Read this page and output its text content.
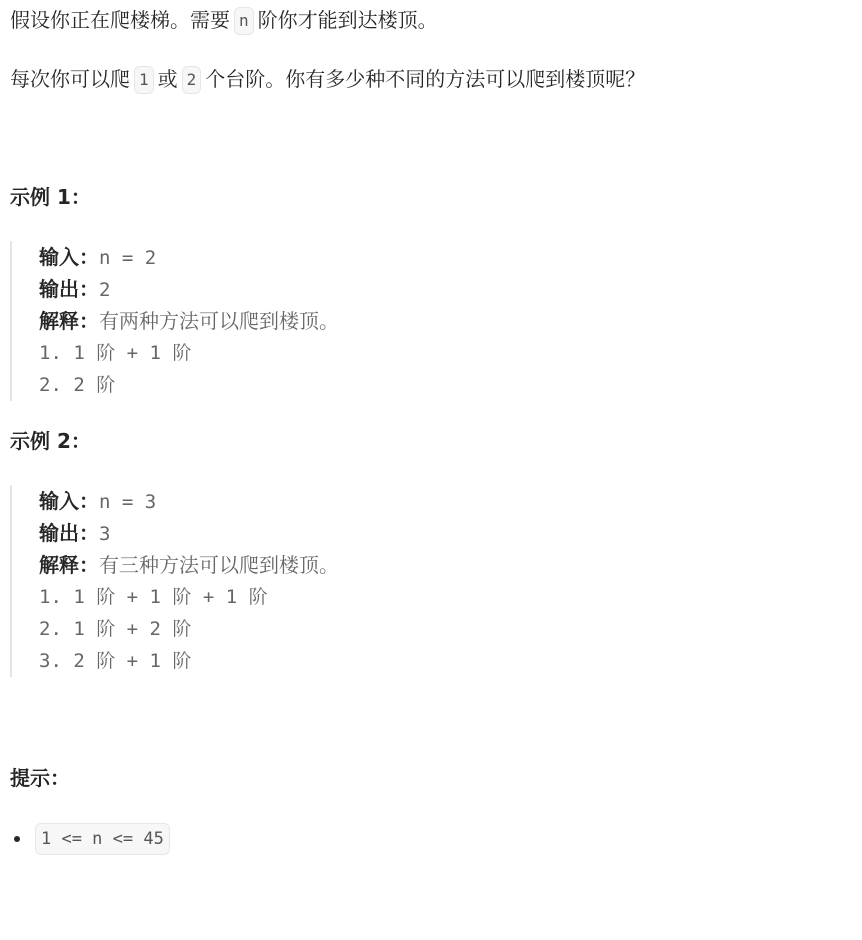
假设你正在爬楼梯。需要 n 阶你才能到达楼顶。
每次你可以爬 1 或 2 个台阶。你有多少种不同的方法可以爬到楼顶呢？
示例 1：
输入：n = 2
输出：2
解释：有两种方法可以爬到楼顶。
1. 1 阶 + 1 阶
2. 2 阶
示例 2：
输入：n = 3
输出：3
解释：有三种方法可以爬到楼顶。
1. 1 阶 + 1 阶 + 1 阶
2. 1 阶 + 2 阶
3. 2 阶 + 1 阶
提示：
1 <= n <= 45
